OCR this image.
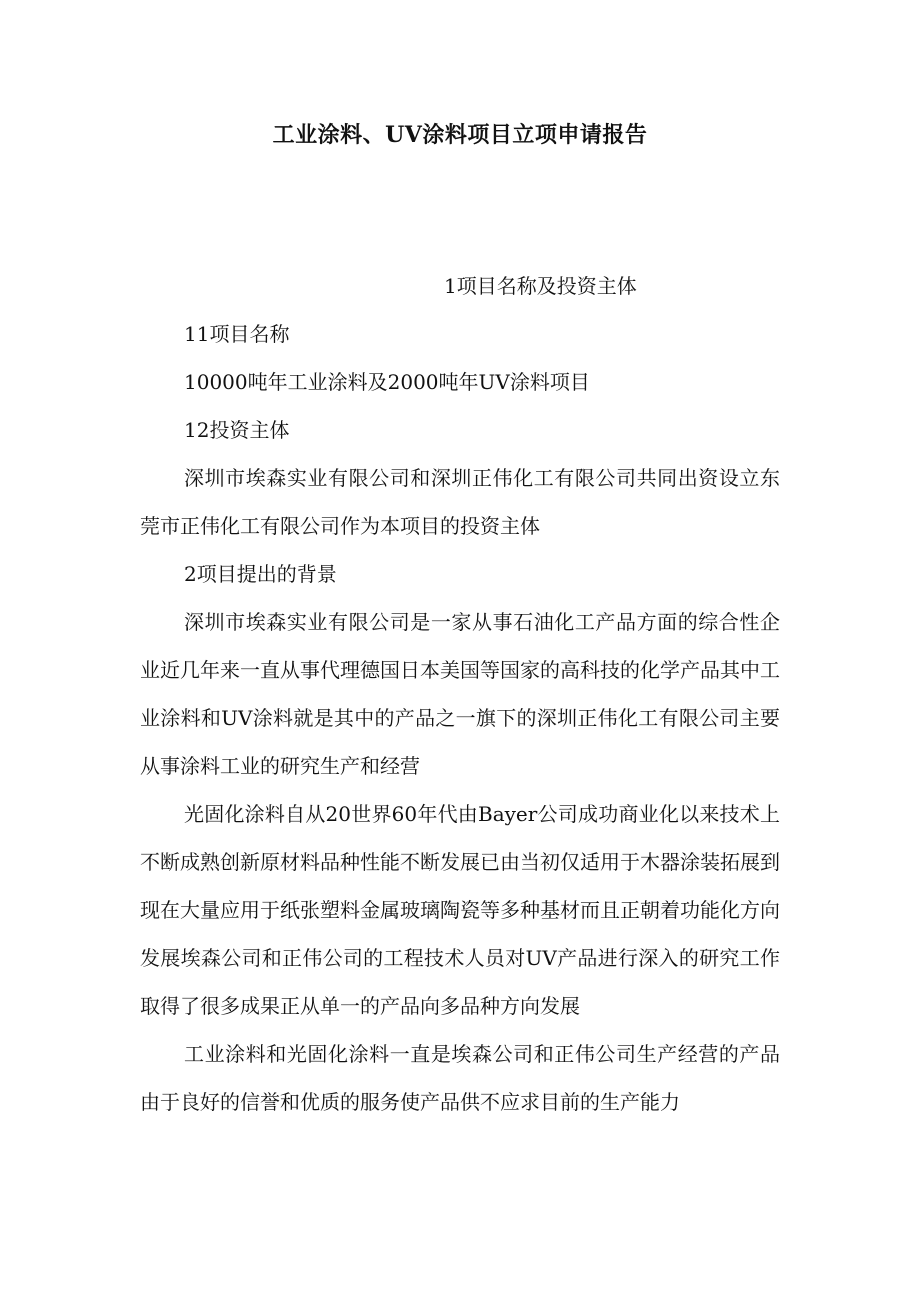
工业涂料、UV涂料项目立项申请报告
1项目名称及投资主体
11项目名称

10000吨年工业涂料及2000吨年UV涂料项目

12投资主体

深圳市埃森实业有限公司和深圳正伟化工有限公司共同出资设立东莞市正伟化工有限公司作为本项目的投资主体

2项目提出的背景

深圳市埃森实业有限公司是一家从事石油化工产品方面的综合性企业近几年来一直从事代理德国日本美国等国家的高科技的化学产品其中工业涂料和UV涂料就是其中的产品之一旗下的深圳正伟化工有限公司主要从事涂料工业的研究生产和经营

光固化涂料自从20世界60年代由Bayer公司成功商业化以来技术上不断成熟创新原材料品种性能不断发展已由当初仅适用于木器涂装拓展到现在大量应用于纸张塑料金属玻璃陶瓷等多种基材而且正朝着功能化方向发展埃森公司和正伟公司的工程技术人员对UV产品进行深入的研究工作取得了很多成果正从单一的产品向多品种方向发展

工业涂料和光固化涂料一直是埃森公司和正伟公司生产经营的产品由于良好的信誉和优质的服务使产品供不应求目前的生产能力
